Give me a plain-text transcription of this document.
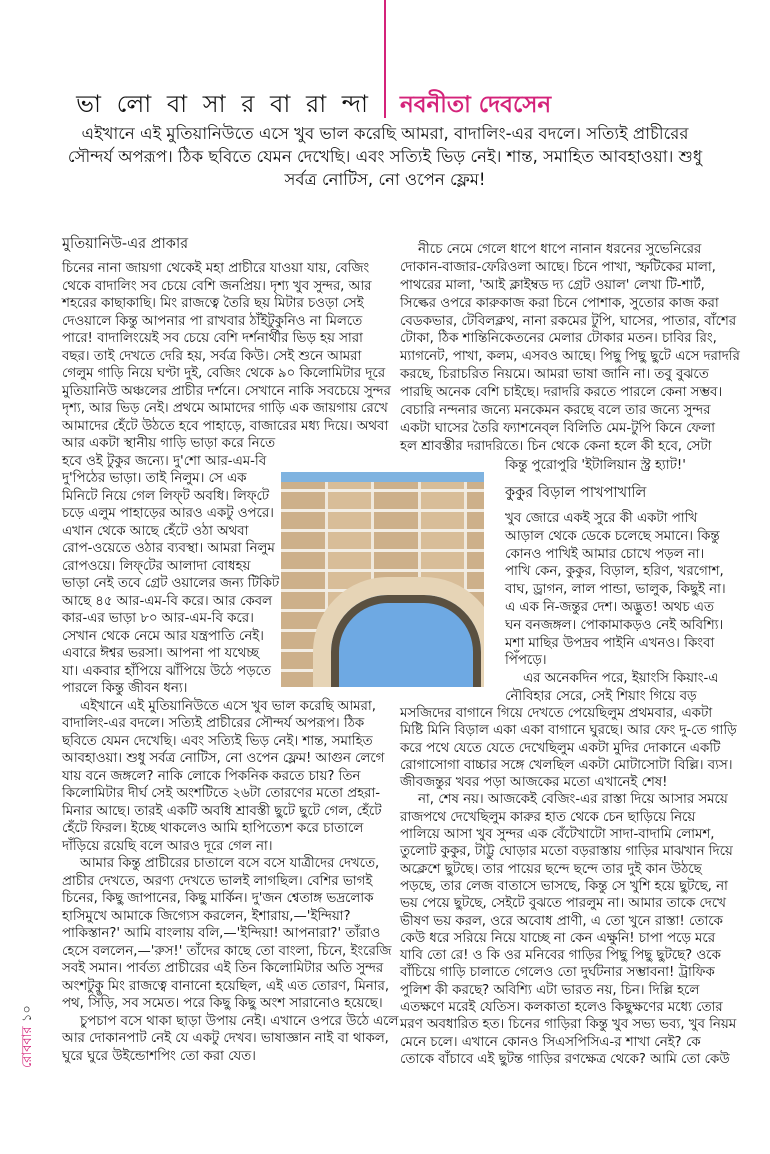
ভা লো বা সা র বা রা ন্দা নবনীতা দেবসেন
এইখানে এই মুতিয়ানিউতে এসে খুব ভাল করেছি আমরা, বাদালিং-এর বদলে। সত্যিই প্রাচীরের সৌন্দর্য অপরূপ। ঠিক ছবিতে যেমন দেখেছি। এবং সত্যিই ভিড় নেই। শান্ত, সমাহিত আবহাওয়া। শুধু সর্বত্র নোটিস, নো ওপেন ফ্লেম!
মুতিয়ানিউ-এর প্রাকার
চিনের নানা জায়গা থেকেই মহা প্রাচীরে যাওয়া যায়, বেজিং
থেকে বাদালিং সব চেয়ে বেশি জনপ্রিয়। দৃশ্য খুব সুন্দর, আর
শহরের কাছাকাছি। মিং রাজত্বে তৈরি ছয় মিটার চওড়া সেই
দেওয়ালে কিন্তু আপনার পা রাখবার ঠাঁইটুকুনিও না মিলতে
পারে! বাদালিংয়েই সব চেয়ে বেশি দর্শনার্থীর ভিড় হয় সারা
বছর। তাই দেখতে দেরি হয়, সর্বত্র কিউ। সেই শুনে আমরা
গেলুম গাড়ি নিয়ে ঘণ্টা দুই, বেজিং থেকে ৯০ কিলোমিটার দূরে
মুতিয়ানিউ অঞ্চলের প্রাচীর দর্শনে। সেখানে নাকি সবচেয়ে সুন্দর
দৃশ্য, আর ভিড় নেই। প্রথমে আমাদের গাড়ি এক জায়গায় রেখে
আমাদের হেঁটে উঠতে হবে পাহাড়ে, বাজারের মধ্য দিয়ে। অথবা
আর একটা স্থানীয় গাড়ি ভাড়া করে নিতে
হবে ওই টুকুর জন্যে। দু'শো আর-এম-বি
দু'পিঠের ভাড়া। তাই নিলুম। সে এক
মিনিটে নিয়ে গেল লিফ্‌ট অবধি। লিফ্‌টে
চড়ে এলুম পাহাড়ের আরও একটু ওপরে।
এখান থেকে আছে হেঁটে ওঠা অথবা
রোপ-ওয়েতে ওঠার ব্যবস্থা। আমরা নিলুম
রোপওয়ে। লিফ্‌টের আলাদা বোধহয়
ভাড়া নেই তবে গ্রেট ওয়ালের জন্য টিকিট
আছে ৪৫ আর-এম-বি করে। আর কেবল
কার-এর ভাড়া ৮০ আর-এম-বি করে।
সেখান থেকে নেমে আর যন্ত্রপাতি নেই।
এবারে ঈশ্বর ভরসা। আপনা পা যথেচ্ছ
যা। একবার হাঁপিয়ে ঝাঁপিয়ে উঠে পড়তে
পারলে কিন্তু জীবন ধন্য।
এইখানে এই মুতিয়ানিউতে এসে খুব ভাল করেছি আমরা,
বাদালিং-এর বদলে। সত্যিই প্রাচীরের সৌন্দর্য অপরূপ। ঠিক
ছবিতে যেমন দেখেছি। এবং সত্যিই ভিড় নেই। শান্ত, সমাহিত
আবহাওয়া। শুধু সর্বত্র নোটিস, নো ওপেন ফ্লেম! আগুন লেগে
যায় বনে জঙ্গলে? নাকি লোকে পিকনিক করতে চায়? তিন
কিলোমিটার দীর্ঘ সেই অংশটিতে ২৬টা তোরণের মতো প্রহরা-
মিনার আছে। তারই একটি অবধি শ্রাবস্তী ছুটে ছুটে গেল, হেঁটে
হেঁটে ফিরল। ইচ্ছে থাকলেও আমি হাপিত্যেশ করে চাতালে
দাঁড়িয়ে রয়েছি বলে আরও দূরে গেল না।
আমার কিন্তু প্রাচীরের চাতালে বসে বসে যাত্রীদের দেখতে,
প্রাচীর দেখতে, অরণ্য দেখতে ভালই লাগছিল। বেশির ভাগই
চিনের, কিছু জাপানের, কিছু মার্কিন। দু'জন শ্বেতাঙ্গ ভদ্রলোক
হাসিমুখে আমাকে জিগ্যেস করলেন, ইশারায়,—'ইন্দিয়া?
পাকিস্তান?' আমি বাংলায় বলি,—'ইন্দিয়া! আপনারা?' তাঁরাও
হেসে বললেন,—'রুস!' তাঁদের কাছে তো বাংলা, চিনে, ইংরেজি
সবই সমান। পার্বত্য প্রাচীরের এই তিন কিলোমিটার অতি সুন্দর
অংশটুকু মিং রাজত্বে বানানো হয়েছিল, এই এত তোরণ, মিনার,
পথ, সিঁড়ি, সব সমেত। পরে কিছু কিছু অংশ সারানোও হয়েছে।
চুপচাপ বসে থাকা ছাড়া উপায় নেই। এখানে ওপরে উঠে এলে
আর দোকানপাট নেই যে একটু দেখব। ভাষাজ্ঞান নাই বা থাকল,
ঘুরে ঘুরে উইন্ডোশপিং তো করা যেত।
নীচে নেমে গেলে ধাপে ধাপে নানান ধরনের সুভেনিরের
দোকান-বাজার-ফেরিওলা আছে। চিনে পাখা, স্ফটিকের মালা,
পাথরের মালা, 'আই ক্লাইম্বড দ্য গ্রেট ওয়াল' লেখা টি-শার্ট,
সিল্কের ওপরে কারুকাজ করা চিনে পোশাক, সুতোর কাজ করা
বেডকভার, টেবিলক্লথ, নানা রকমের টুপি, ঘাসের, পাতার, বাঁশের
টোকা, ঠিক শান্তিনিকেতনের মেলার টোকার মতন। চাবির রিং,
ম্যাগনেট, পাখা, কলম, এসবও আছে। পিছু পিছু ছুটে এসে দরাদরি
করছে, চিরাচরিত নিয়মে। আমরা ভাষা জানি না। তবু বুঝতে
পারছি অনেক বেশি চাইছে। দরাদরি করতে পারলে কেনা সম্ভব।
বেচারি নন্দনার জন্যে মনকেমন করছে বলে তার জন্যে সুন্দর
একটা ঘাসের তৈরি ফ্যাশনেব্‌ল বিলিতি মেম-টুপি কিনে ফেলা
হল শ্রাবস্তীর দরাদরিতে। চিন থেকে কেনা হলে কী হবে, সেটা
কিন্তু পুরোপুরি 'ইটালিয়ান স্ট্র হ্যাট!'
কুকুর বিড়াল পাখপাখালি
খুব জোরে একই সুরে কী একটা পাখি
আড়াল থেকে ডেকে চলেছে সমানে। কিন্তু
কোনও পাখিই আমার চোখে পড়ল না।
পাখি কেন, কুকুর, বিড়াল, হরিণ, খরগোশ,
বাঘ, ড্রাগন, লাল পান্ডা, ভালুক, কিছুই না।
এ এক নি-জন্তুর দেশ। অদ্ভুত! অথচ এত
ঘন বনজঙ্গল। পোকামাকড়ও নেই অবিশ্যি।
মশা মাছির উপদ্রব পাইনি এখনও। কিংবা
পিঁপড়ে।
এর অনেকদিন পরে, ইয়াংসি কিয়াং-এ
নৌবিহার সেরে, সেই শিয়াং গিয়ে বড়
মসজিদের বাগানে গিয়ে দেখতে পেয়েছিলুম প্রথমবার, একটা
মিষ্টি মিনি বিড়াল একা একা বাগানে ঘুরছে। আর ফেং দু-তে গাড়ি
করে পথে যেতে যেতে দেখেছিলুম একটা মুদির দোকানে একটি
রোগাসোগা বাচ্চার সঙ্গে খেলছিল একটা মোটাসোটা বিল্লি। ব্যস।
জীবজন্তুর খবর পড়া আজকের মতো এখানেই শেষ!
না, শেষ নয়। আজকেই বেজিং-এর রাস্তা দিয়ে আসার সময়ে
রাজপথে দেখেছিলুম কারুর হাত থেকে চেন ছাড়িয়ে নিয়ে
পালিয়ে আসা খুব সুন্দর এক বেঁটেখাটো সাদা-বাদামি লোমশ,
তুলোট কুকুর, টাট্টু ঘোড়ার মতো বড়রাস্তায় গাড়ির মাঝখান দিয়ে
অক্লেশে ছুটছে। তার পায়ের ছন্দে ছন্দে তার দুই কান উঠছে
পড়ছে, তার লেজ বাতাসে ভাসছে, কিন্তু সে খুশি হয়ে ছুটছে, না
ভয় পেয়ে ছুটছে, সেইটে বুঝতে পারলুম না। আমার তাকে দেখে
ভীষণ ভয় করল, ওরে অবোধ প্রাণী, এ তো খুনে রাস্তা! তোকে
কেউ ধরে সরিয়ে নিয়ে যাচ্ছে না কেন এক্ষুনি! চাপা পড়ে মরে
যাবি তো রে! ও কি ওর মনিবের গাড়ির পিছু পিছু ছুটছে? ওকে
বাঁচিয়ে গাড়ি চালাতে গেলেও তো দুর্ঘটনার সম্ভাবনা! ট্রাফিক
পুলিশ কী করছে? অবিশ্যি এটা ভারত নয়, চিন। দিল্লি হলে
এতক্ষণে মরেই যেতিস। কলকাতা হলেও কিছুক্ষণের মধ্যে তোর
মরণ অবধারিত হত। চিনের গাড়িরা কিন্তু খুব সভ্য ভব্য, খুব নিয়ম
মেনে চলে। এখানে কোনও সিএসপিসিএ-র শাখা নেই? কে
তোকে বাঁচাবে এই ছুটন্ত গাড়ির রণক্ষেত্র থেকে? আমি তো কেউ
১০
রোববার
